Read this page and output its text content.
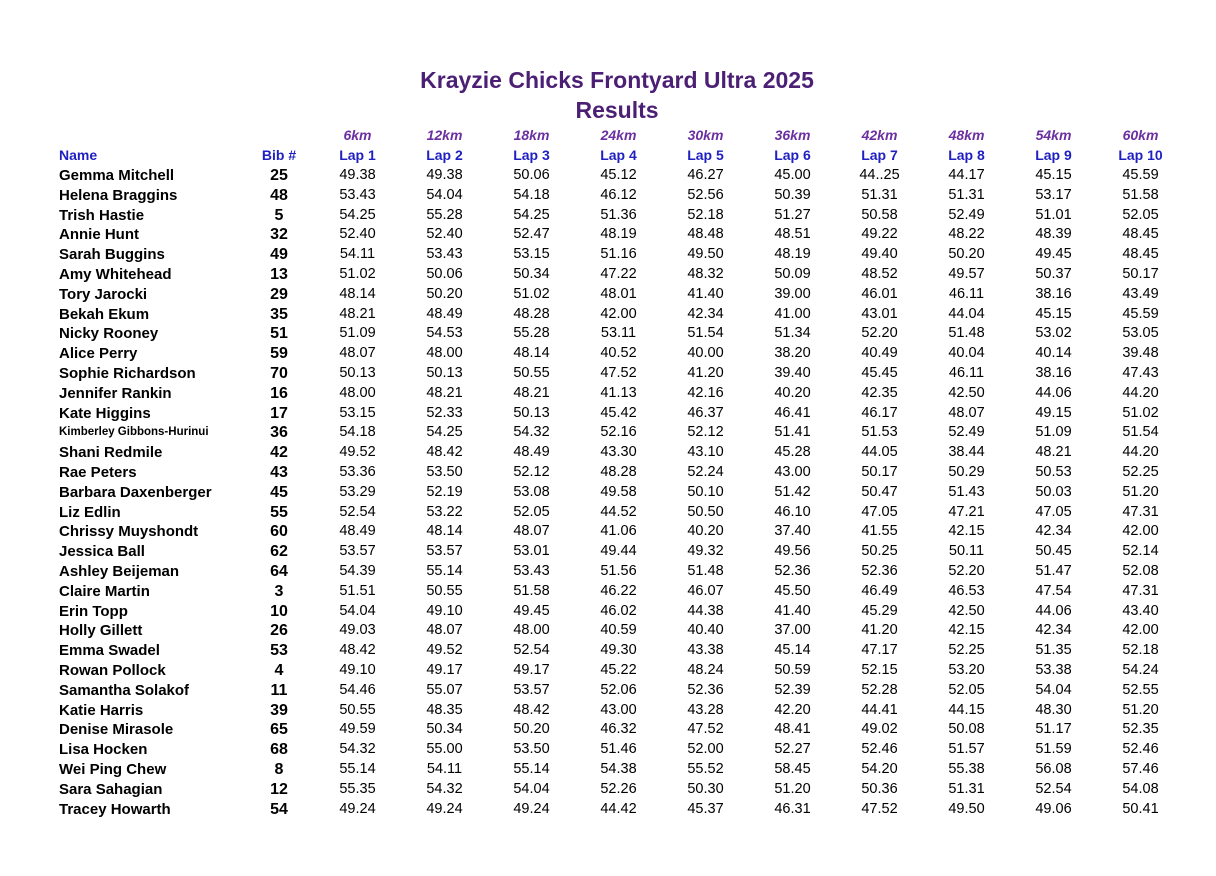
Krayzie Chicks Frontyard Ultra 2025
Results
		6km	12km	18km	24km	30km	36km	42km	48km	54km	60km
Name	Bib #	Lap 1	Lap 2	Lap 3	Lap 4	Lap 5	Lap 6	Lap 7	Lap 8	Lap 9	Lap 10
Gemma Mitchell	25	49.38	49.38	50.06	45.12	46.27	45.00	44..25	44.17	45.15	45.59
Helena Braggins	48	53.43	54.04	54.18	46.12	52.56	50.39	51.31	51.31	53.17	51.58
Trish Hastie	5	54.25	55.28	54.25	51.36	52.18	51.27	50.58	52.49	51.01	52.05
Annie Hunt	32	52.40	52.40	52.47	48.19	48.48	48.51	49.22	48.22	48.39	48.45
Sarah Buggins	49	54.11	53.43	53.15	51.16	49.50	48.19	49.40	50.20	49.45	48.45
Amy Whitehead	13	51.02	50.06	50.34	47.22	48.32	50.09	48.52	49.57	50.37	50.17
Tory Jarocki	29	48.14	50.20	51.02	48.01	41.40	39.00	46.01	46.11	38.16	43.49
Bekah Ekum	35	48.21	48.49	48.28	42.00	42.34	41.00	43.01	44.04	45.15	45.59
Nicky Rooney	51	51.09	54.53	55.28	53.11	51.54	51.34	52.20	51.48	53.02	53.05
Alice Perry	59	48.07	48.00	48.14	40.52	40.00	38.20	40.49	40.04	40.14	39.48
Sophie Richardson	70	50.13	50.13	50.55	47.52	41.20	39.40	45.45	46.11	38.16	47.43
Jennifer Rankin	16	48.00	48.21	48.21	41.13	42.16	40.20	42.35	42.50	44.06	44.20
Kate Higgins	17	53.15	52.33	50.13	45.42	46.37	46.41	46.17	48.07	49.15	51.02
Kimberley Gibbons-Hurinui	36	54.18	54.25	54.32	52.16	52.12	51.41	51.53	52.49	51.09	51.54
Shani Redmile	42	49.52	48.42	48.49	43.30	43.10	45.28	44.05	38.44	48.21	44.20
Rae Peters	43	53.36	53.50	52.12	48.28	52.24	43.00	50.17	50.29	50.53	52.25
Barbara Daxenberger	45	53.29	52.19	53.08	49.58	50.10	51.42	50.47	51.43	50.03	51.20
Liz Edlin	55	52.54	53.22	52.05	44.52	50.50	46.10	47.05	47.21	47.05	47.31
Chrissy Muyshondt	60	48.49	48.14	48.07	41.06	40.20	37.40	41.55	42.15	42.34	42.00
Jessica Ball	62	53.57	53.57	53.01	49.44	49.32	49.56	50.25	50.11	50.45	52.14
Ashley Beijeman	64	54.39	55.14	53.43	51.56	51.48	52.36	52.36	52.20	51.47	52.08
Claire Martin	3	51.51	50.55	51.58	46.22	46.07	45.50	46.49	46.53	47.54	47.31
Erin Topp	10	54.04	49.10	49.45	46.02	44.38	41.40	45.29	42.50	44.06	43.40
Holly Gillett	26	49.03	48.07	48.00	40.59	40.40	37.00	41.20	42.15	42.34	42.00
Emma Swadel	53	48.42	49.52	52.54	49.30	43.38	45.14	47.17	52.25	51.35	52.18
Rowan Pollock	4	49.10	49.17	49.17	45.22	48.24	50.59	52.15	53.20	53.38	54.24
Samantha Solakof	11	54.46	55.07	53.57	52.06	52.36	52.39	52.28	52.05	54.04	52.55
Katie Harris	39	50.55	48.35	48.42	43.00	43.28	42.20	44.41	44.15	48.30	51.20
Denise Mirasole	65	49.59	50.34	50.20	46.32	47.52	48.41	49.02	50.08	51.17	52.35
Lisa Hocken	68	54.32	55.00	53.50	51.46	52.00	52.27	52.46	51.57	51.59	52.46
Wei Ping Chew	8	55.14	54.11	55.14	54.38	55.52	58.45	54.20	55.38	56.08	57.46
Sara Sahagian	12	55.35	54.32	54.04	52.26	50.30	51.20	50.36	51.31	52.54	54.08
Tracey Howarth	54	49.24	49.24	49.24	44.42	45.37	46.31	47.52	49.50	49.06	50.41
